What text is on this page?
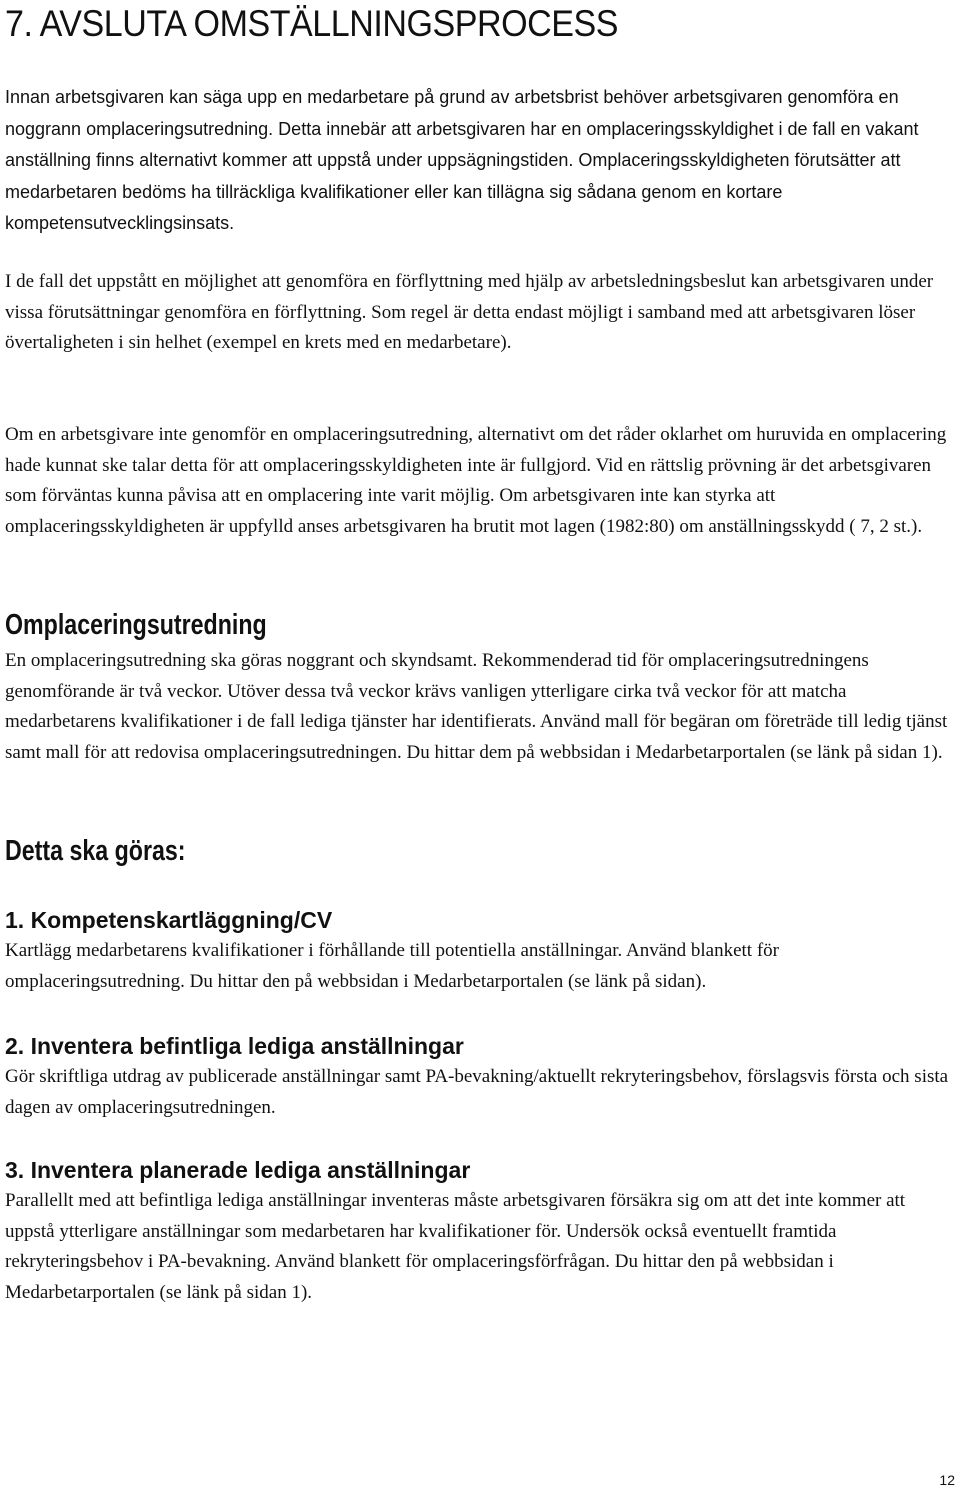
7. AVSLUTA OMSTÄLLNINGSPROCESS

Innan arbetsgivaren kan säga upp en medarbetare på grund av arbetsbrist behöver arbetsgivaren genomföra en noggrann omplaceringsutredning. Detta innebär att arbetsgivaren har en omplaceringsskyldighet i de fall en vakant anställning finns alternativt kommer att uppstå under uppsägningstiden. Omplaceringsskyldigheten förutsätter att medarbetaren bedöms ha tillräckliga kvalifikationer eller kan tillägna sig sådana genom en kortare kompetensutvecklingsinsats.

I de fall det uppstått en möjlighet att genomföra en förflyttning med hjälp av arbetsledningsbeslut kan arbetsgivaren under vissa förutsättningar genomföra en förflyttning. Som regel är detta endast möjligt i samband med att arbetsgivaren löser övertaligheten i sin helhet (exempel en krets med en medarbetare).

Om en arbetsgivare inte genomför en omplaceringsutredning, alternativt om det råder oklarhet om huruvida en omplacering hade kunnat ske talar detta för att omplaceringsskyldigheten inte är fullgjord. Vid en rättslig prövning är det arbetsgivaren som förväntas kunna påvisa att en omplacering inte varit möjlig. Om arbetsgivaren inte kan styrka att omplaceringsskyldigheten är uppfylld anses arbetsgivaren ha brutit mot lagen (1982:80) om anställningsskydd ( 7, 2 st.).

Omplaceringsutredning

En omplaceringsutredning ska göras noggrant och skyndsamt. Rekommenderad tid för omplaceringsutredningens genomförande är två veckor. Utöver dessa två veckor krävs vanligen ytterligare cirka två veckor för att matcha medarbetarens kvalifikationer i de fall lediga tjänster har identifierats. Använd mall för begäran om företräde till ledig tjänst samt mall för att redovisa omplaceringsutredningen. Du hittar dem på webbsidan i Medarbetarportalen (se länk på sidan 1).

Detta ska göras:
1. Kompetenskartläggning/CV

Kartlägg medarbetarens kvalifikationer i förhållande till potentiella anställningar. Använd blankett för omplaceringsutredning. Du hittar den på webbsidan i Medarbetarportalen (se länk på sidan).

2. Inventera befintliga lediga anställningar

Gör skriftliga utdrag av publicerade anställningar samt PA-bevakning/aktuellt rekryteringsbehov, förslagsvis första och sista dagen av omplaceringsutredningen.

3. Inventera planerade lediga anställningar

Parallellt med att befintliga lediga anställningar inventeras måste arbetsgivaren försäkra sig om att det inte kommer att uppstå ytterligare anställningar som medarbetaren har kvalifikationer för. Undersök också eventuellt framtida rekryteringsbehov i PA-bevakning. Använd blankett för omplaceringsförfrågan. Du hittar den på webbsidan i Medarbetarportalen (se länk på sidan 1).

12
